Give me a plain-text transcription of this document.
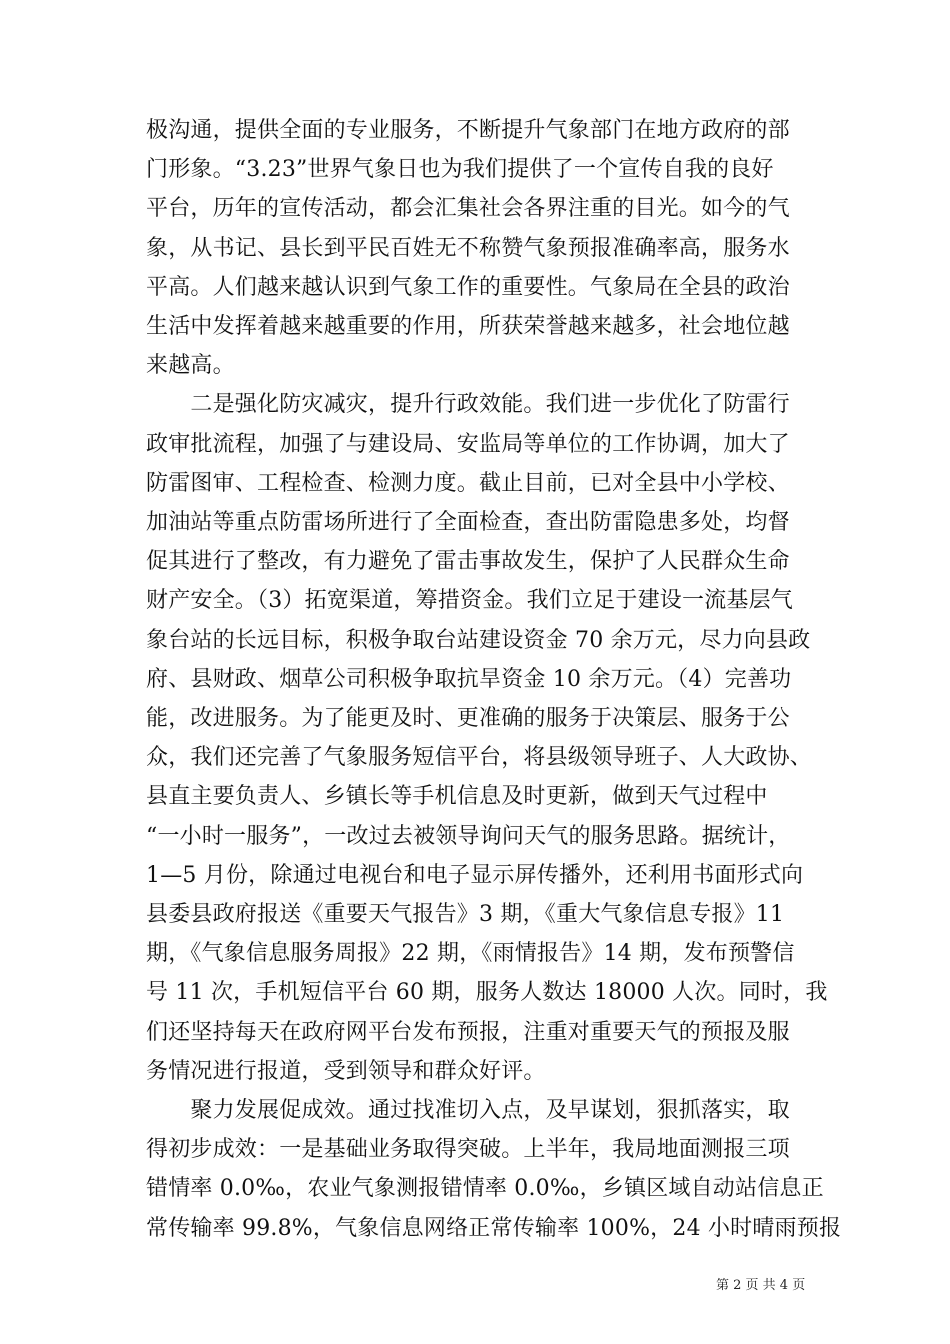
极沟通，提供全面的专业服务，不断提升气象部门在地方政府的部
门形象。“3.23”世界气象日也为我们提供了一个宣传自我的良好
平台，历年的宣传活动，都会汇集社会各界注重的目光。如今的气
象，从书记、县长到平民百姓无不称赞气象预报准确率高，服务水
平高。人们越来越认识到气象工作的重要性。气象局在全县的政治
生活中发挥着越来越重要的作用，所获荣誉越来越多，社会地位越
来越高。
　　二是强化防灾减灾，提升行政效能。我们进一步优化了防雷行
政审批流程，加强了与建设局、安监局等单位的工作协调，加大了
防雷图审、工程检查、检测力度。截止目前，已对全县中小学校、
加油站等重点防雷场所进行了全面检查，查出防雷隐患多处，均督
促其进行了整改，有力避免了雷击事故发生，保护了人民群众生命
财产安全。（3）拓宽渠道，筹措资金。我们立足于建设一流基层气
象台站的长远目标，积极争取台站建设资金 70 余万元，尽力向县政
府、县财政、烟草公司积极争取抗旱资金 10 余万元。（4）完善功
能，改进服务。为了能更及时、更准确的服务于决策层、服务于公
众，我们还完善了气象服务短信平台，将县级领导班子、人大政协、
县直主要负责人、乡镇长等手机信息及时更新，做到天气过程中
“一小时一服务”，一改过去被领导询问天气的服务思路。据统计，
1—5 月份，除通过电视台和电子显示屏传播外，还利用书面形式向
县委县政府报送《重要天气报告》3 期，《重大气象信息专报》11
期，《气象信息服务周报》22 期，《雨情报告》14 期，发布预警信
号 11 次，手机短信平台 60 期，服务人数达 18000 人次。同时，我
们还坚持每天在政府网平台发布预报，注重对重要天气的预报及服
务情况进行报道，受到领导和群众好评。
　　聚力发展促成效。通过找准切入点，及早谋划，狠抓落实，取
得初步成效：一是基础业务取得突破。上半年，我局地面测报三项
错情率 0.0‰，农业气象测报错情率 0.0‰，乡镇区域自动站信息正
常传输率 99.8%，气象信息网络正常传输率 100%，24 小时晴雨预报
第 2 页 共 4 页
